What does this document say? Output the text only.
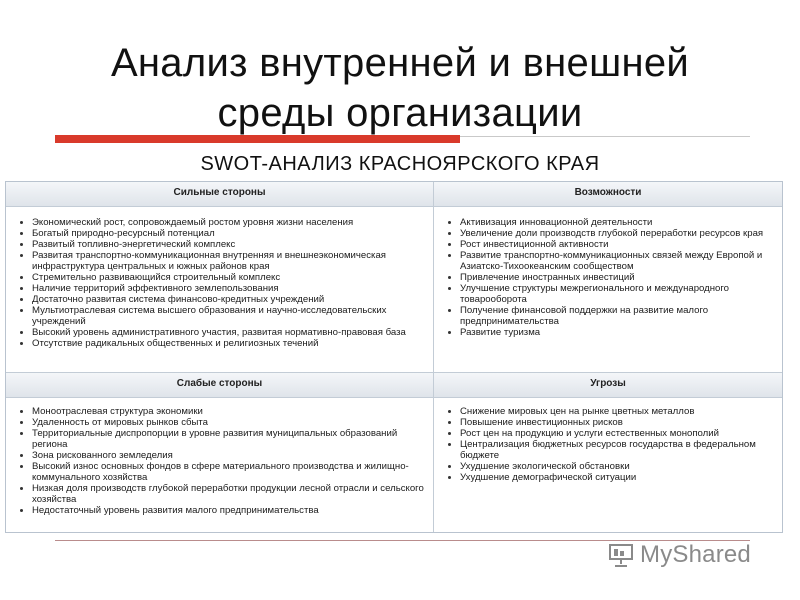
Анализ внутренней и внешней
среды организации
SWOT-АНАЛИЗ КРАСНОЯРСКОГО КРАЯ
Сильные стороны
Экономический рост, сопровождаемый ростом уровня жизни населения
Богатый природно-ресурсный потенциал
Развитый топливно-энергетический комплекс
Развитая транспортно-коммуникационная внутренняя и внешнеэкономическая инфраструктура центральных и южных районов края
Стремительно развивающийся строительный комплекс
Наличие территорий эффективного землепользования
Достаточно развитая система финансово-кредитных учреждений
Мультиотраслевая система высшего образования и научно-исследовательских учреждений
Высокий уровень административного участия, развитая нормативно-правовая база
Отсутствие радикальных общественных и религиозных течений
Возможности
Активизация инновационной деятельности
Увеличение доли производств глубокой переработки ресурсов края
Рост инвестиционной активности
Развитие транспортно-коммуникационных связей между Европой и Азиатско-Тихоокеанским сообществом
Привлечение иностранных инвестиций
Улучшение структуры межрегионального и международного товарооборота
Получение финансовой поддержки на развитие малого предпринимательства
Развитие туризма
Слабые стороны
Моноотраслевая структура экономики
Удаленность от мировых рынков сбыта
Территориальные диспропорции в уровне развития муниципальных образований региона
Зона рискованного земледелия
Высокий износ основных фондов в сфере материального производства и жилищно-коммунального хозяйства
Низкая доля производств глубокой переработки продукции лесной отрасли и сельского хозяйства
Недостаточный уровень развития малого предпринимательства
Угрозы
Снижение мировых цен на рынке цветных металлов
Повышение инвестиционных рисков
Рост цен на продукцию и услуги естественных монополий
Централизация бюджетных ресурсов государства в федеральном бюджете
Ухудшение экологической обстановки
Ухудшение демографической ситуации
MyShared
